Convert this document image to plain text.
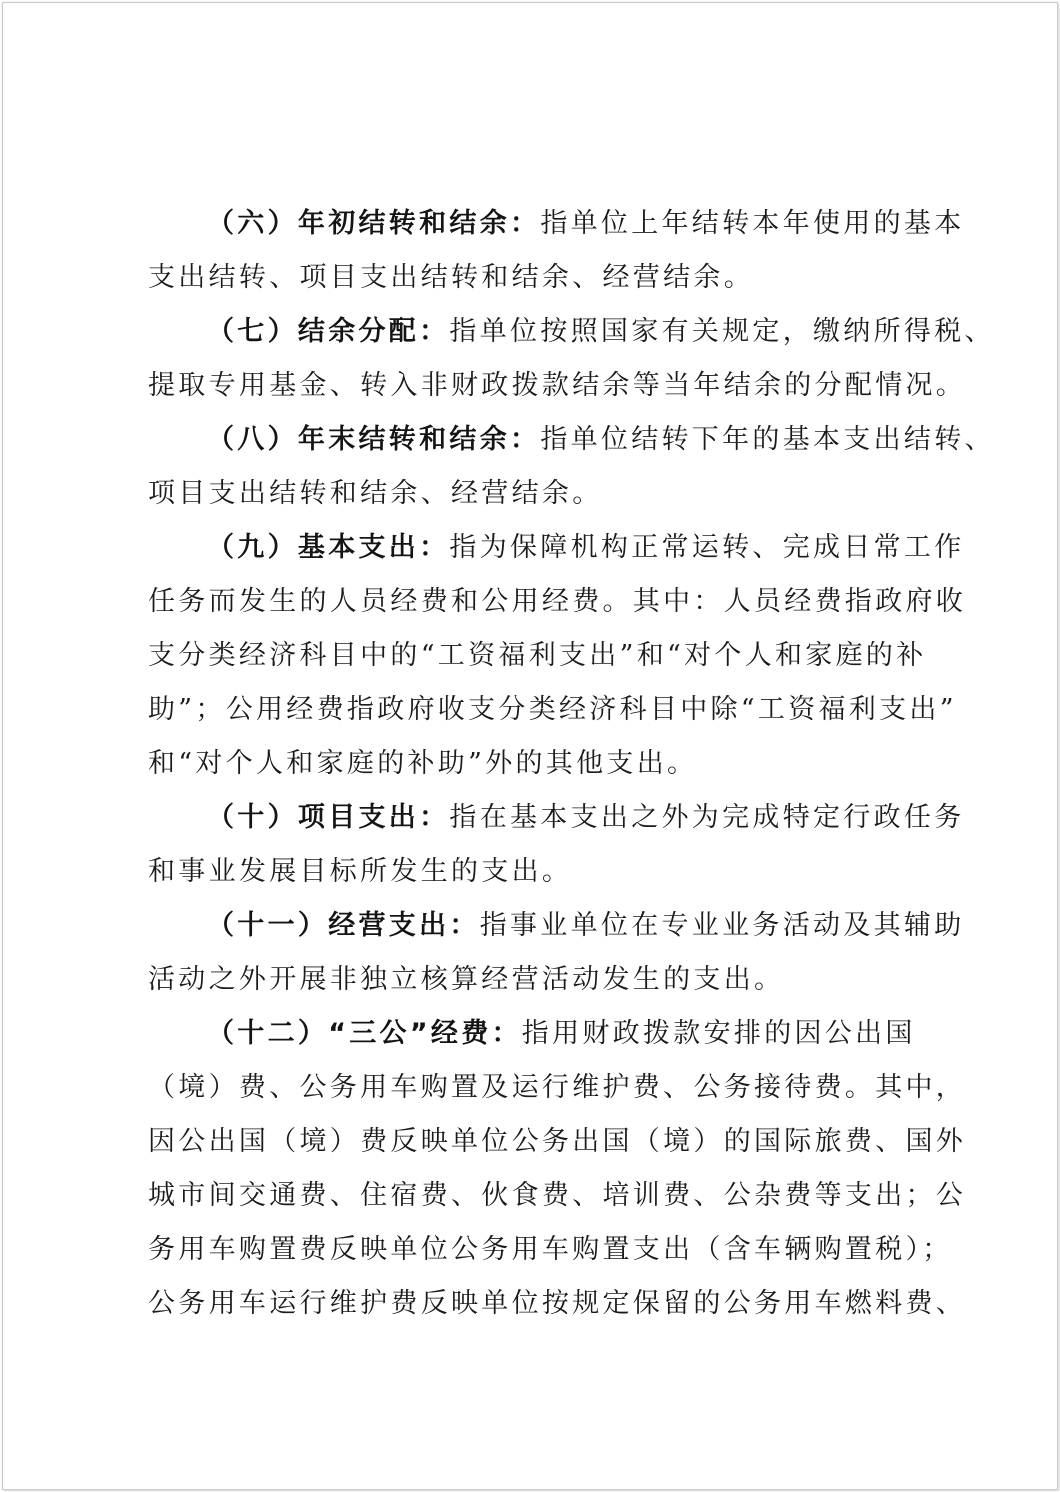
（六）年初结转和结余：指单位上年结转本年使用的基本
支出结转、项目支出结转和结余、经营结余。
（七）结余分配：指单位按照国家有关规定，缴纳所得税、
提取专用基金、转入非财政拨款结余等当年结余的分配情况。
（八）年末结转和结余：指单位结转下年的基本支出结转、
项目支出结转和结余、经营结余。
（九）基本支出：指为保障机构正常运转、完成日常工作
任务而发生的人员经费和公用经费。其中：人员经费指政府收
支分类经济科目中的“工资福利支出”和“对个人和家庭的补
助”；公用经费指政府收支分类经济科目中除“工资福利支出”
和“对个人和家庭的补助”外的其他支出。
（十）项目支出：指在基本支出之外为完成特定行政任务
和事业发展目标所发生的支出。
（十一）经营支出：指事业单位在专业业务活动及其辅助
活动之外开展非独立核算经营活动发生的支出。
（十二）“三公”经费：指用财政拨款安排的因公出国
（境）费、公务用车购置及运行维护费、公务接待费。其中，
因公出国（境）费反映单位公务出国（境）的国际旅费、国外
城市间交通费、住宿费、伙食费、培训费、公杂费等支出；公
务用车购置费反映单位公务用车购置支出（含车辆购置税）；
公务用车运行维护费反映单位按规定保留的公务用车燃料费、
